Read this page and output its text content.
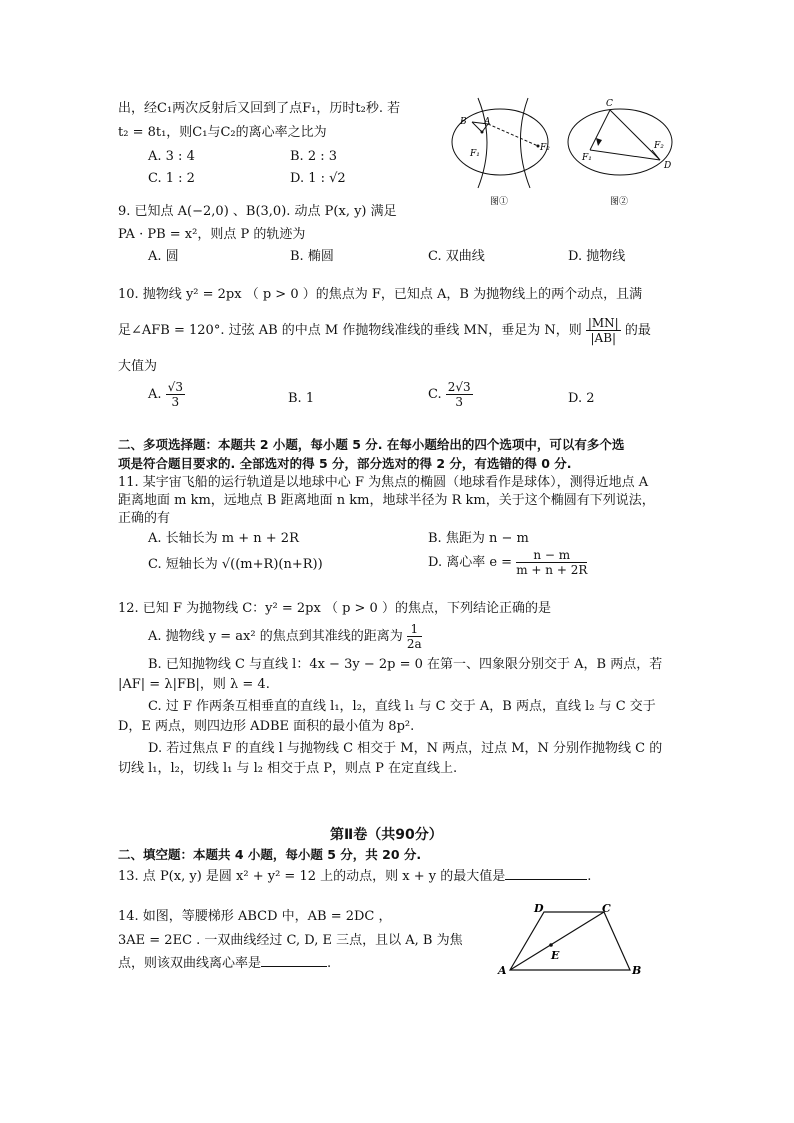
出，经C₁两次反射后又回到了点F₁，历时t₂秒. 若
t₂ = 8t₁，则C₁与C₂的离心率之比为
A. 3 : 4	B. 2 : 3
C. 1 : 2	D. 1 : √2
B A
F₁
F₂
图①
C
F₁
F₂
D
图②
9. 已知点 A(−2,0) 、B(3,0). 动点 P(x, y) 满足
PA · PB = x²，则点 P 的轨迹为
A. 圆	B. 椭圆	C. 双曲线	D. 抛物线
10. 抛物线 y² = 2px （ p > 0 ）的焦点为 F，已知点 A，B 为抛物线上的两个动点，且满
足∠AFB = 120°. 过弦 AB 的中点 M 作抛物线准线的垂线 MN，垂足为 N，则 $\frac{|MN|}{|AB|}$ 的最
大值为
A. $\frac{√3}{3}$	B. 1	C. $\frac{2√3}{3}$	D. 2
二、多项选择题：本题共 2 小题，每小题 5 分. 在每小题给出的四个选项中，可以有多个选
项是符合题目要求的. 全部选对的得 5 分，部分选对的得 2 分，有选错的得 0 分.
11. 某宇宙飞船的运行轨道是以地球中心 F 为焦点的椭圆（地球看作是球体），测得近地点 A
距离地面 m km，远地点 B 距离地面 n km，地球半径为 R km，关于这个椭圆有下列说法，
正确的有
A. 长轴长为 m + n + 2R	B. 焦距为 n − m
C. 短轴长为 √((m+R)(n+R))	D. 离心率 $e = \frac{n - m}{m + n + 2R}$
12. 已知 F 为抛物线 C：y² = 2px （ p > 0 ）的焦点，下列结论正确的是
A. 抛物线 y = ax² 的焦点到其准线的距离为 $\frac{1}{2a}$
B. 已知抛物线 C 与直线 l：4x − 3y − 2p = 0 在第一、四象限分别交于 A，B 两点，若
|AF| = λ|FB|，则 λ = 4.
C. 过 F 作两条互相垂直的直线 l₁，l₂，直线 l₁ 与 C 交于 A，B 两点，直线 l₂ 与 C 交于
D，E 两点，则四边形 ADBE 面积的最小值为 8p².
D. 若过焦点 F 的直线 l 与抛物线 C 相交于 M，N 两点，过点 M，N 分别作抛物线 C 的
切线 l₁，l₂，切线 l₁ 与 l₂ 相交于点 P，则点 P 在定直线上.
第Ⅱ卷（共90分）
二、填空题：本题共 4 小题，每小题 5 分，共 20 分.
13. 点 P(x, y) 是圆 x² + y² = 12 上的动点，则 x + y 的最大值是	.
14. 如图，等腰梯形 ABCD 中，AB = 2DC ，
3AE = 2EC . 一双曲线经过 C, D, E 三点，且以 A, B 为焦
点，则该双曲线离心率是	.
D	C
E
A	B
